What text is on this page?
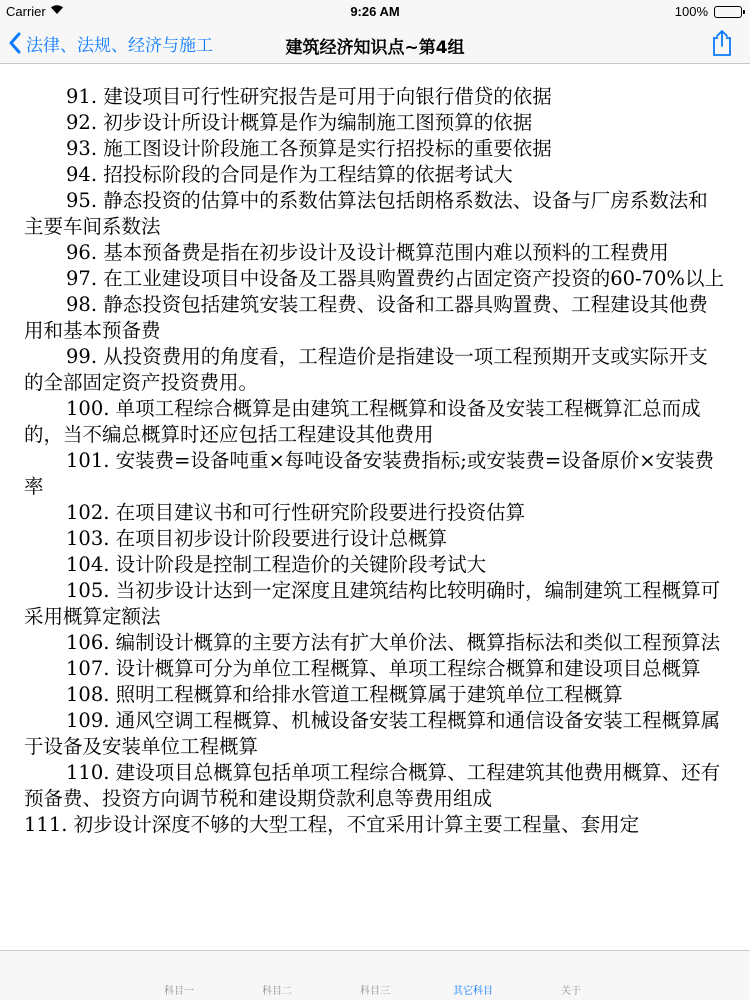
Carrier	9:26 AM	100%
法律、法规、经济与施工	建筑经济知识点~第4组

91. 建设项目可行性研究报告是可用于向银行借贷的依据

92. 初步设计所设计概算是作为编制施工图预算的依据

93. 施工图设计阶段施工各预算是实行招投标的重要依据

94. 招投标阶段的合同是作为工程结算的依据考试大

95. 静态投资的估算中的系数估算法包括朗格系数法、设备与厂房系数法和主要车间系数法

96. 基本预备费是指在初步设计及设计概算范围内难以预料的工程费用

97. 在工业建设项目中设备及工器具购置费约占固定资产投资的60-70%以上

98. 静态投资包括建筑安装工程费、设备和工器具购置费、工程建设其他费用和基本预备费

99. 从投资费用的角度看，工程造价是指建设一项工程预期开支或实际开支的全部固定资产投资费用。

100. 单项工程综合概算是由建筑工程概算和设备及安装工程概算汇总而成的，当不编总概算时还应包括工程建设其他费用

101. 安装费=设备吨重×每吨设备安装费指标;或安装费=设备原价×安装费率

102. 在项目建议书和可行性研究阶段要进行投资估算

103. 在项目初步设计阶段要进行设计总概算

104. 设计阶段是控制工程造价的关键阶段考试大

105. 当初步设计达到一定深度且建筑结构比较明确时，编制建筑工程概算可采用概算定额法

106. 编制设计概算的主要方法有扩大单价法、概算指标法和类似工程预算法

107. 设计概算可分为单位工程概算、单项工程综合概算和建设项目总概算

108. 照明工程概算和给排水管道工程概算属于建筑单位工程概算

109. 通风空调工程概算、机械设备安装工程概算和通信设备安装工程概算属于设备及安装单位工程概算

110. 建设项目总概算包括单项工程综合概算、工程建筑其他费用概算、还有预备费、投资方向调节税和建设期贷款利息等费用组成

111. 初步设计深度不够的大型工程，不宜采用计算主要工程量、套用定

科目一	科目二	科目三	其它科目	关于
